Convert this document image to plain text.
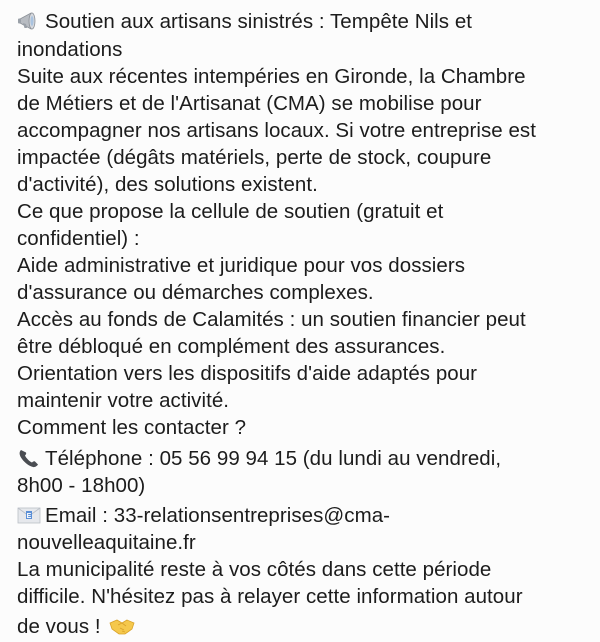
Soutien aux artisans sinistrés : Tempête Nils et
inondations
Suite aux récentes intempéries en Gironde, la Chambre
de Métiers et de l'Artisanat (CMA) se mobilise pour
accompagner nos artisans locaux. Si votre entreprise est
impactée (dégâts matériels, perte de stock, coupure
d'activité), des solutions existent.
Ce que propose la cellule de soutien (gratuit et
confidentiel) :
Aide administrative et juridique pour vos dossiers
d'assurance ou démarches complexes.
Accès au fonds de Calamités : un soutien financier peut
être débloqué en complément des assurances.
Orientation vers les dispositifs d'aide adaptés pour
maintenir votre activité.
Comment les contacter ?
Téléphone : 05 56 99 94 15 (du lundi au vendredi,
8h00 - 18h00)
E Email : 33-relationsentreprises@cma-
nouvelleaquitaine.fr
La municipalité reste à vos côtés dans cette période
difficile. N'hésitez pas à relayer cette information autour
de vous !
